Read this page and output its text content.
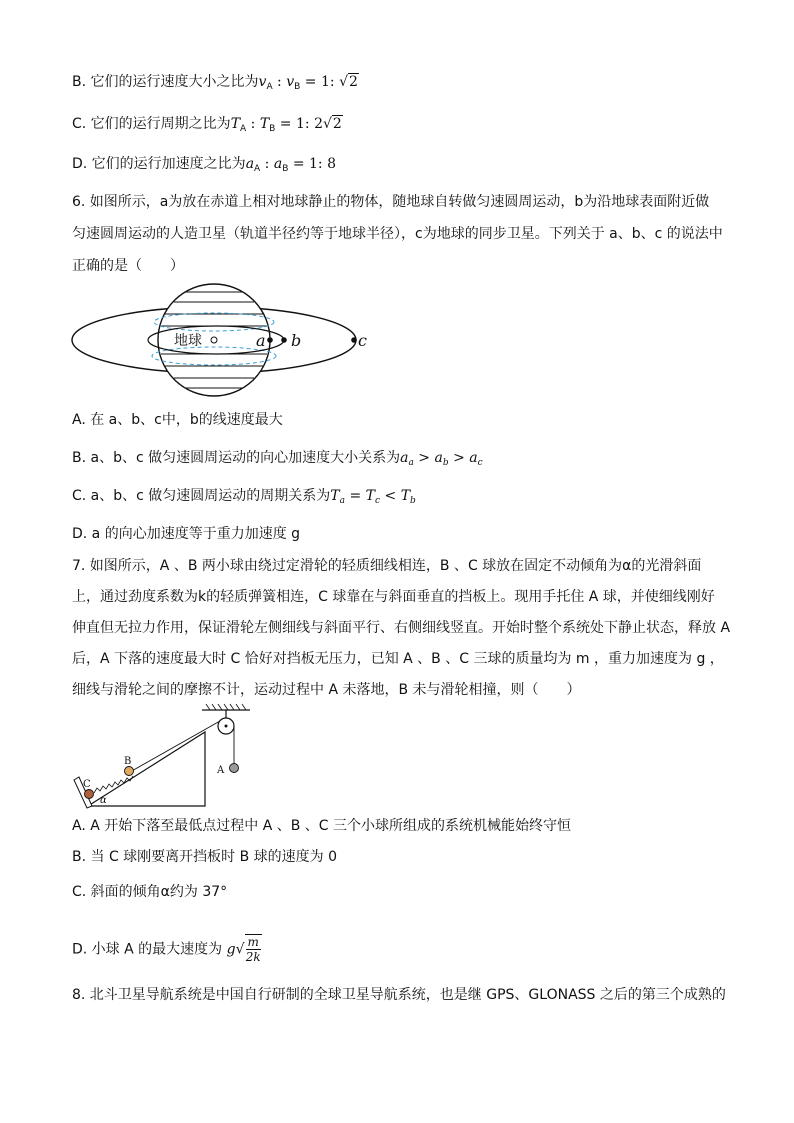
B. 它们的运行速度大小之比为$v_A$ : $v_B = 1$: √2
C. 它们的运行周期之比为$T_A$ : $T_B = 1$: 2√2
D. 它们的运行加速度之比为$a_A$ : $a_B = 1$: 8
6. 如图所示，a为放在赤道上相对地球静止的物体，随地球自转做匀速圆周运动，b为沿地球表面附近做
匀速圆周运动的人造卫星（轨道半径约等于地球半径），c为地球的同步卫星。下列关于 a、b、c 的说法中
正确的是（　　）
地球	a b	c
A. 在 a、b、c中，b的线速度最大
B. a、b、c 做匀速圆周运动的向心加速度大小关系为$a_a > a_b > a_c$
C. a、b、c 做匀速圆周运动的周期关系为$T_a = T_c < T_b$
D. a 的向心加速度等于重力加速度 g
7. 如图所示，A 、B 两小球由绕过定滑轮的轻质细线相连，B 、C 球放在固定不动倾角为α的光滑斜面
上，通过劲度系数为k的轻质弹簧相连，C 球靠在与斜面垂直的挡板上。现用手托住 A 球，并使细线刚好
伸直但无拉力作用，保证滑轮左侧细线与斜面平行、右侧细线竖直。开始时整个系统处下静止状态，释放 A
后，A 下落的速度最大时 C 恰好对挡板无压力，已知 A 、B 、C 三球的质量均为 m ，重力加速度为 g ，
细线与滑轮之间的摩擦不计，运动过程中 A 未落地，B 未与滑轮相撞，则（　　）
A
C
B
α
A. A 开始下落至最低点过程中 A 、B 、C 三个小球所组成的系统机械能始终守恒
B. 当 C 球刚要离开挡板时 B 球的速度为 0
C. 斜面的倾角α约为 37°
D. 小球 A 的最大速度为 $g√ \frac{m}{2k}$
8. 北斗卫星导航系统是中国自行研制的全球卫星导航系统，也是继 GPS、GLONASS 之后的第三个成熟的
